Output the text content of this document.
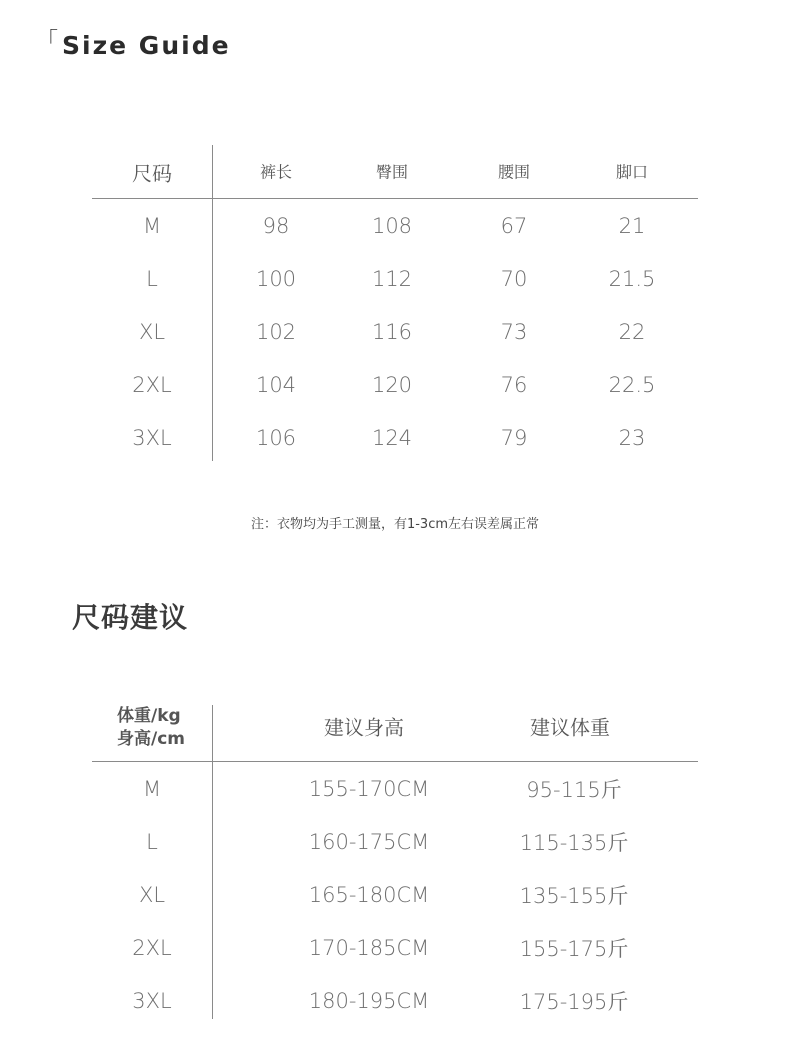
「Size Guide
尺码	裤长	臀围	腰围	脚口
M	98	108	67	21
L	100	112	70	21.5
XL	102	116	73	22
2XL	104	120	76	22.5
3XL	106	124	79	23
注：衣物均为手工测量，有1-3cm左右误差属正常
尺码建议
体重/kg
身高/cm	建议身高	建议体重
M	155-170CM	95-115斤
L	160-175CM	115-135斤
XL	165-180CM	135-155斤
2XL	170-185CM	155-175斤
3XL	180-195CM	175-195斤
